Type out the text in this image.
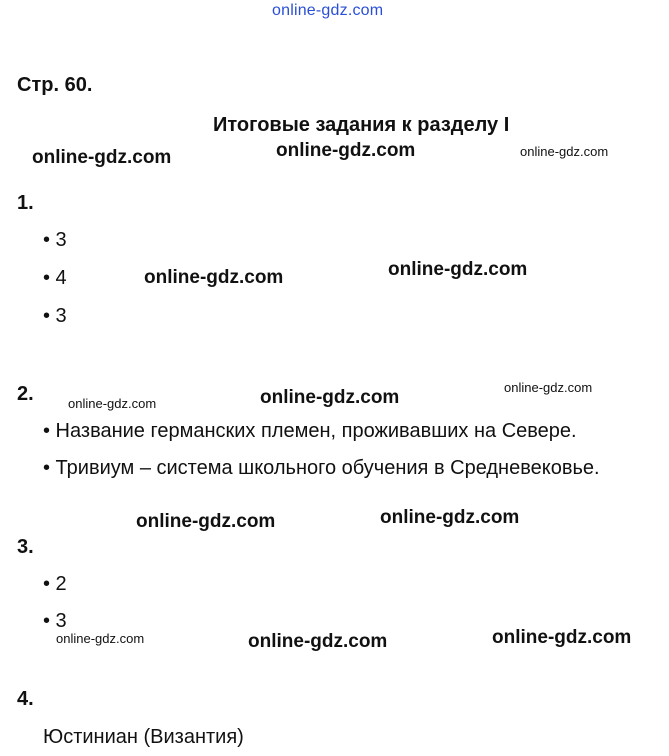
online-gdz.com
Стр. 60.
Итоговые задания к разделу I
1.
• 3
• 4
• 3
2.
• Название германских племен, проживавших на Севере.
• Тривиум – система школьного обучения в Средневековье.
3.
• 2
• 3
4.
Юстиниан (Византия)
online-gdz.com	online-gdz.com	online-gdz.com
online-gdz.com	online-gdz.com
online-gdz.com	online-gdz.com	online-gdz.com
online-gdz.com	online-gdz.com
online-gdz.com	online-gdz.com	online-gdz.com
